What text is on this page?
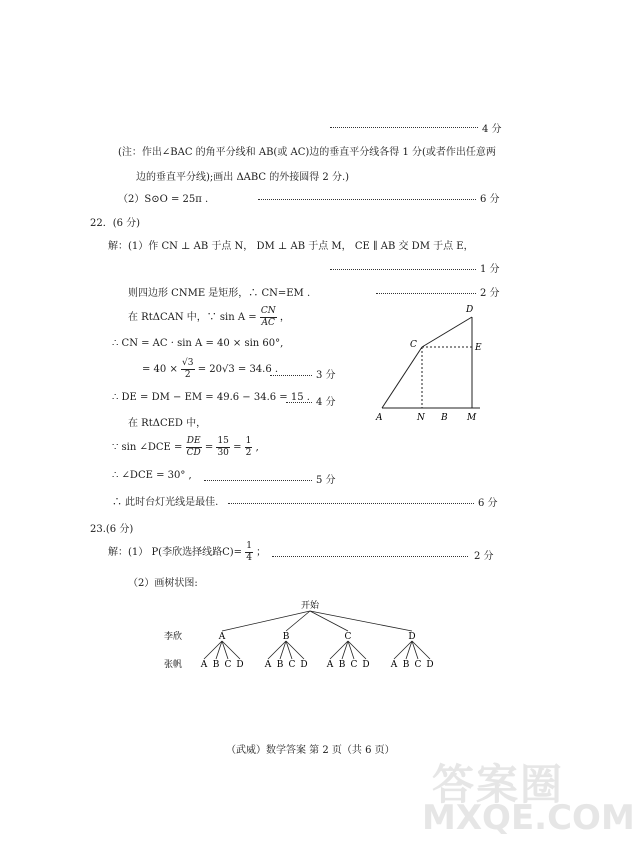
4 分
(注：作出∠BAC 的角平分线和 AB(或 AC)边的垂直平分线各得 1 分(或者作出任意两
边的垂直平分线);画出 ΔABC 的外接圆得 2 分.)
（2）S⊙O = 25π .	6 分
22．(6 分)
解：(1）作 CN ⊥ AB 于点 N， DM ⊥ AB 于点 M， CE ∥ AB 交 DM 于点 E，
1 分
则四边形 CNME 是矩形，∴ CN=EM .	2 分
在 RtΔCAN 中，∵ $\sin A = \frac{CN}{AC}$ ，
∴ CN = AC · sin A = 40 × sin 60°,
= $40 \times \frac{√3}{2} = 20√3 = 34.6$ .
3 分
∴ DE = DM − EM = 49.6 − 34.6 = 15 . 4 分
在 RtΔCED 中，
∵ sin ∠DCE = $\frac{DE}{CD} = \frac{15}{30} = \frac{1}{2}$ ,
∴ ∠DCE = 30° ,	5 分
∴ 此时台灯光线是最佳.	6 分
A	N B M
C	E
D
23.(6 分)
解：(1） P(李欣选择线路$C)= \frac{1}{4}$ ；	2 分
（2）画树状图:
开始
李欣
张帆
A
A B C D
B
A B C D
C
A B C D
D
A B C D
（武威）数学答案 第 2 页（共 6 页）
答案圈
MXQE.COM
